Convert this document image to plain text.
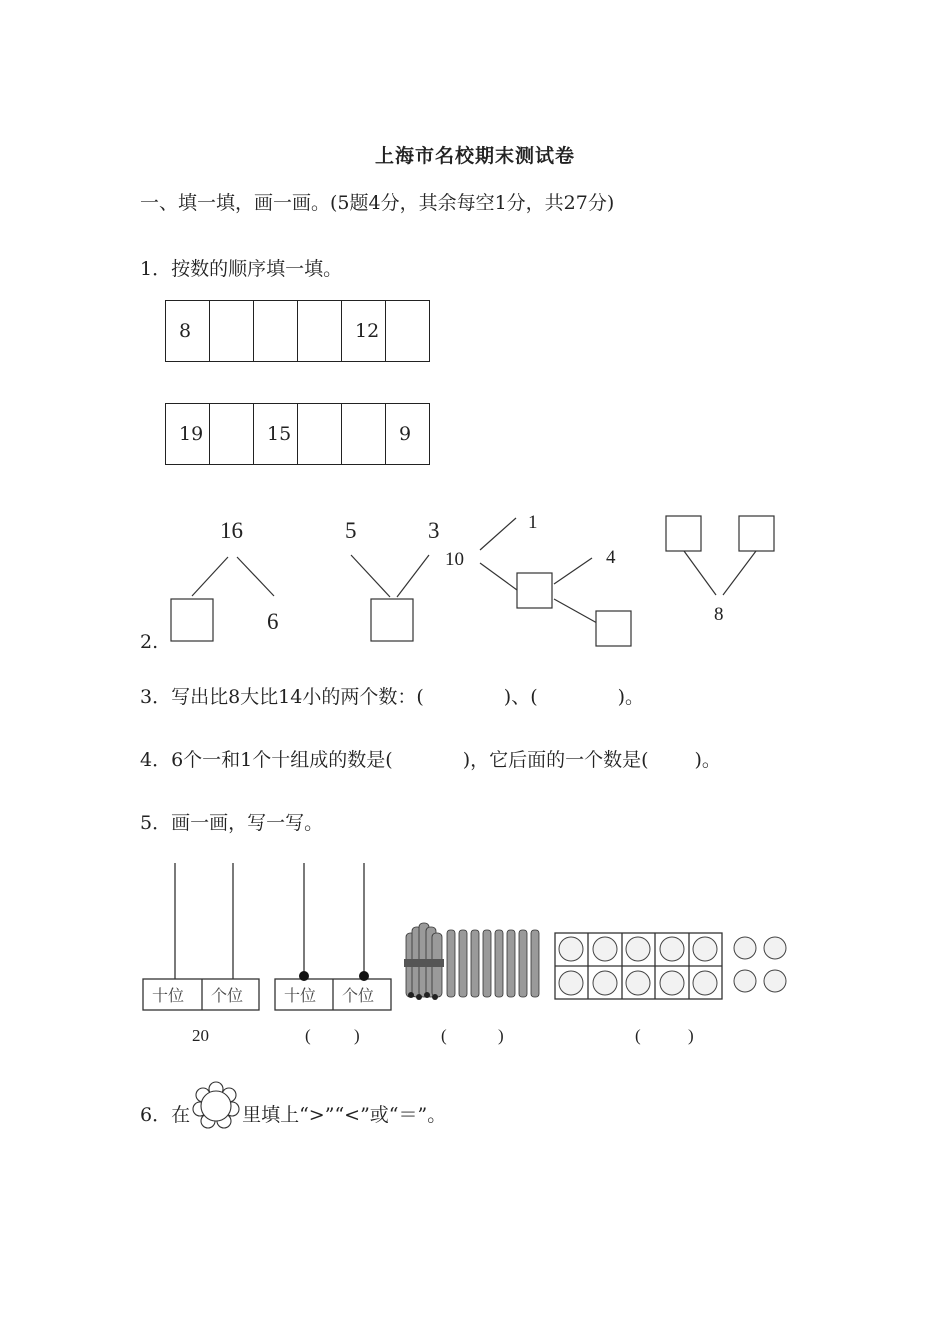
上海市名校期末测试卷
一、填一填，画一画。(5题4分，其余每空1分，共27分)
1．按数的顺序填一填。
8				12	
19		15			9
2.
16
6
5	3
10
1
4
8
3．写出比8大比14小的两个数：(	)、(	)。
4．6个一和1个十组成的数是(	)，它后面的一个数是( )。
5．画一画，写一写。
十位 个位
20
十位 个位
(	)	(	)	(	)
6．在	里填上“>”“<”或“＝”。
